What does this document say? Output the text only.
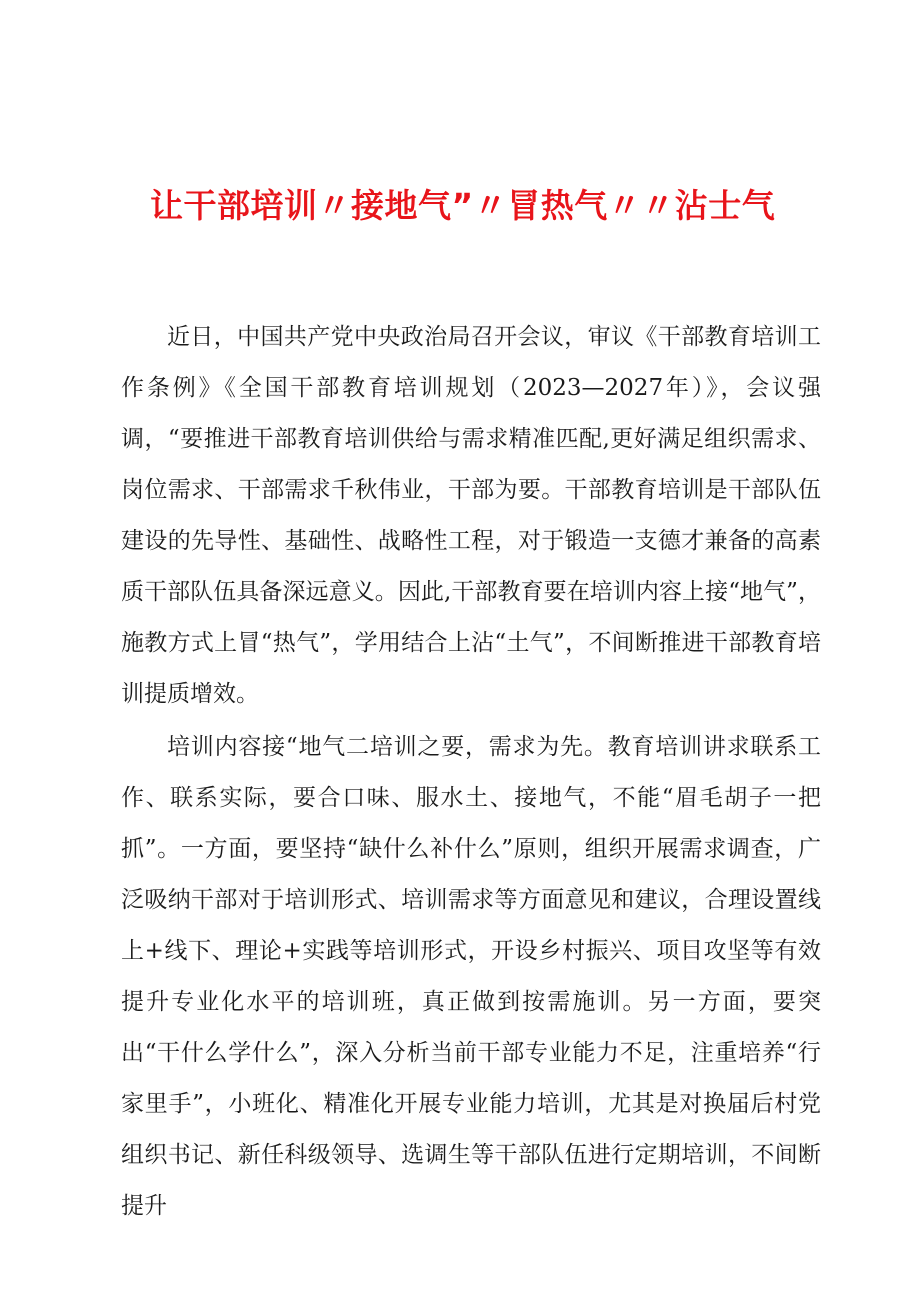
让干部培训〃接地气”〃冒热气〃〃沾士气

近日，中国共产党中央政治局召开会议，审议《干部教育培训工作条例》《全国干部教育培训规划（2023—2027年）》，会议强调，“要推进干部教育培训供给与需求精准匹配,更好满足组织需求、岗位需求、干部需求千秋伟业，干部为要。干部教育培训是干部队伍建设的先导性、基础性、战略性工程，对于锻造一支德才兼备的高素质干部队伍具备深远意义。因此,干部教育要在培训内容上接“地气”，施教方式上冒“热气”，学用结合上沾“土气”，不间断推进干部教育培训提质增效。

培训内容接“地气二培训之要，需求为先。教育培训讲求联系工作、联系实际，要合口味、服水土、接地气，不能“眉毛胡子一把抓”。一方面，要坚持“缺什么补什么”原则，组织开展需求调查，广泛吸纳干部对于培训形式、培训需求等方面意见和建议，合理设置线上+线下、理论+实践等培训形式，开设乡村振兴、项目攻坚等有效提升专业化水平的培训班，真正做到按需施训。另一方面，要突出“干什么学什么”，深入分析当前干部专业能力不足，注重培养“行家里手”，小班化、精准化开展专业能力培训，尤其是对换届后村党组织书记、新任科级领导、选调生等干部队伍进行定期培训，不间断提升
